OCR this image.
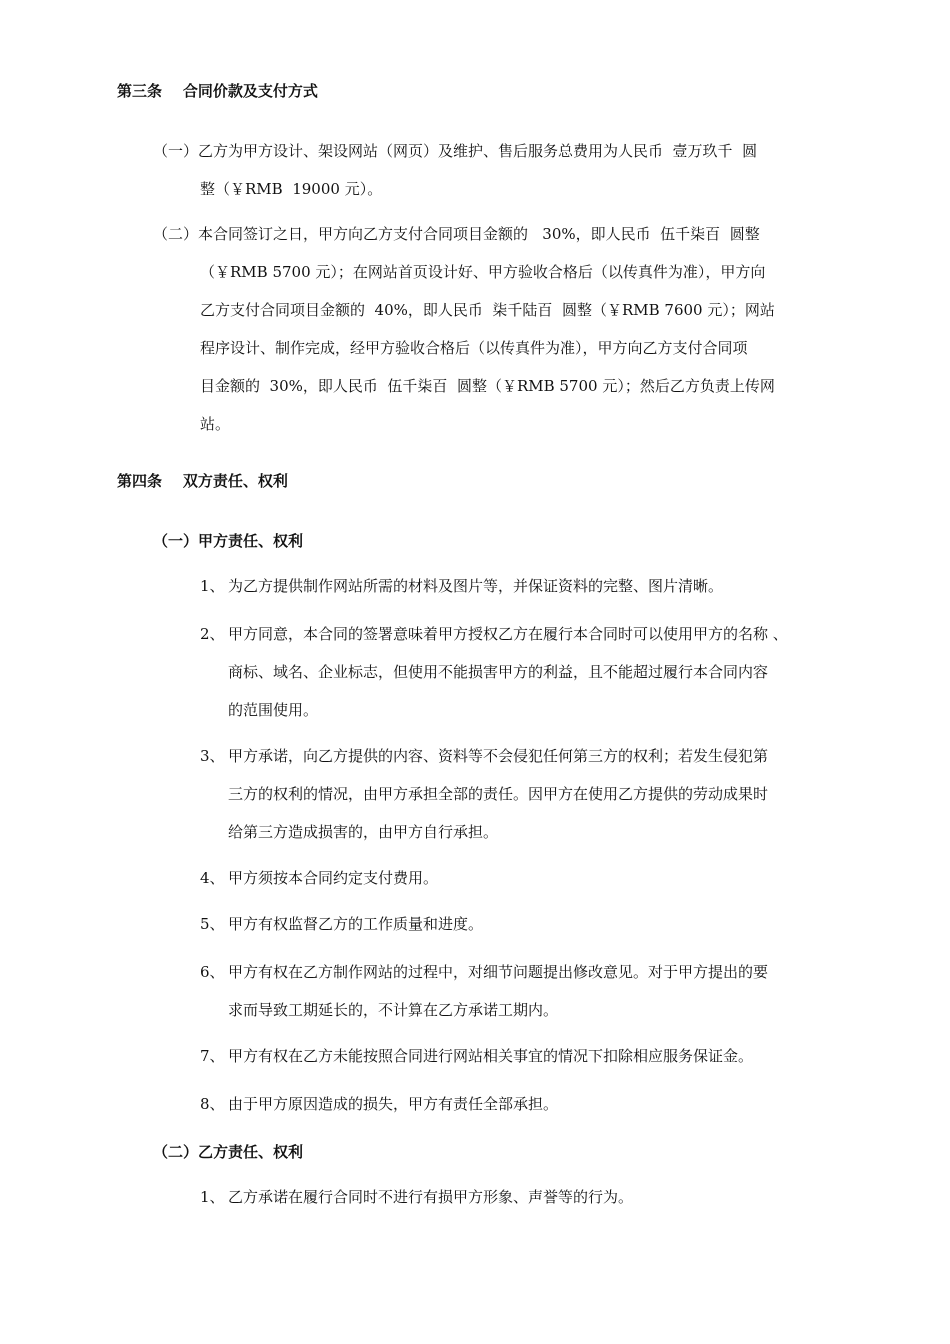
第三条    合同价款及支付方式
（一）乙方为甲方设计、架设网站（网页）及维护、售后服务总费用为人民币  壹万玖千  圆
整（￥RMB  19000 元）。
（二）本合同签订之日，甲方向乙方支付合同项目金额的   30%，即人民币  伍千柒百  圆整
（￥RMB 5700 元）；在网站首页设计好、甲方验收合格后（以传真件为准），甲方向
乙方支付合同项目金额的  40%，即人民币  柒千陆百  圆整（￥RMB 7600 元）；网站
程序设计、制作完成，经甲方验收合格后（以传真件为准），甲方向乙方支付合同项
目金额的  30%，即人民币  伍千柒百  圆整（￥RMB 5700 元）；然后乙方负责上传网
站。
第四条    双方责任、权利
（一）甲方责任、权利
1、 为乙方提供制作网站所需的材料及图片等，并保证资料的完整、图片清晰。
2、 甲方同意，本合同的签署意味着甲方授权乙方在履行本合同时可以使用甲方的名称 、
商标、域名、企业标志，但使用不能损害甲方的利益，且不能超过履行本合同内容
的范围使用。
3、 甲方承诺，向乙方提供的内容、资料等不会侵犯任何第三方的权利；若发生侵犯第
三方的权利的情况，由甲方承担全部的责任。因甲方在使用乙方提供的劳动成果时
给第三方造成损害的，由甲方自行承担。
4、 甲方须按本合同约定支付费用。
5、 甲方有权监督乙方的工作质量和进度。
6、 甲方有权在乙方制作网站的过程中，对细节问题提出修改意见。对于甲方提出的要
求而导致工期延长的，不计算在乙方承诺工期内。
7、 甲方有权在乙方未能按照合同进行网站相关事宜的情况下扣除相应服务保证金。
8、 由于甲方原因造成的损失，甲方有责任全部承担。
（二）乙方责任、权利
1、 乙方承诺在履行合同时不进行有损甲方形象、声誉等的行为。
